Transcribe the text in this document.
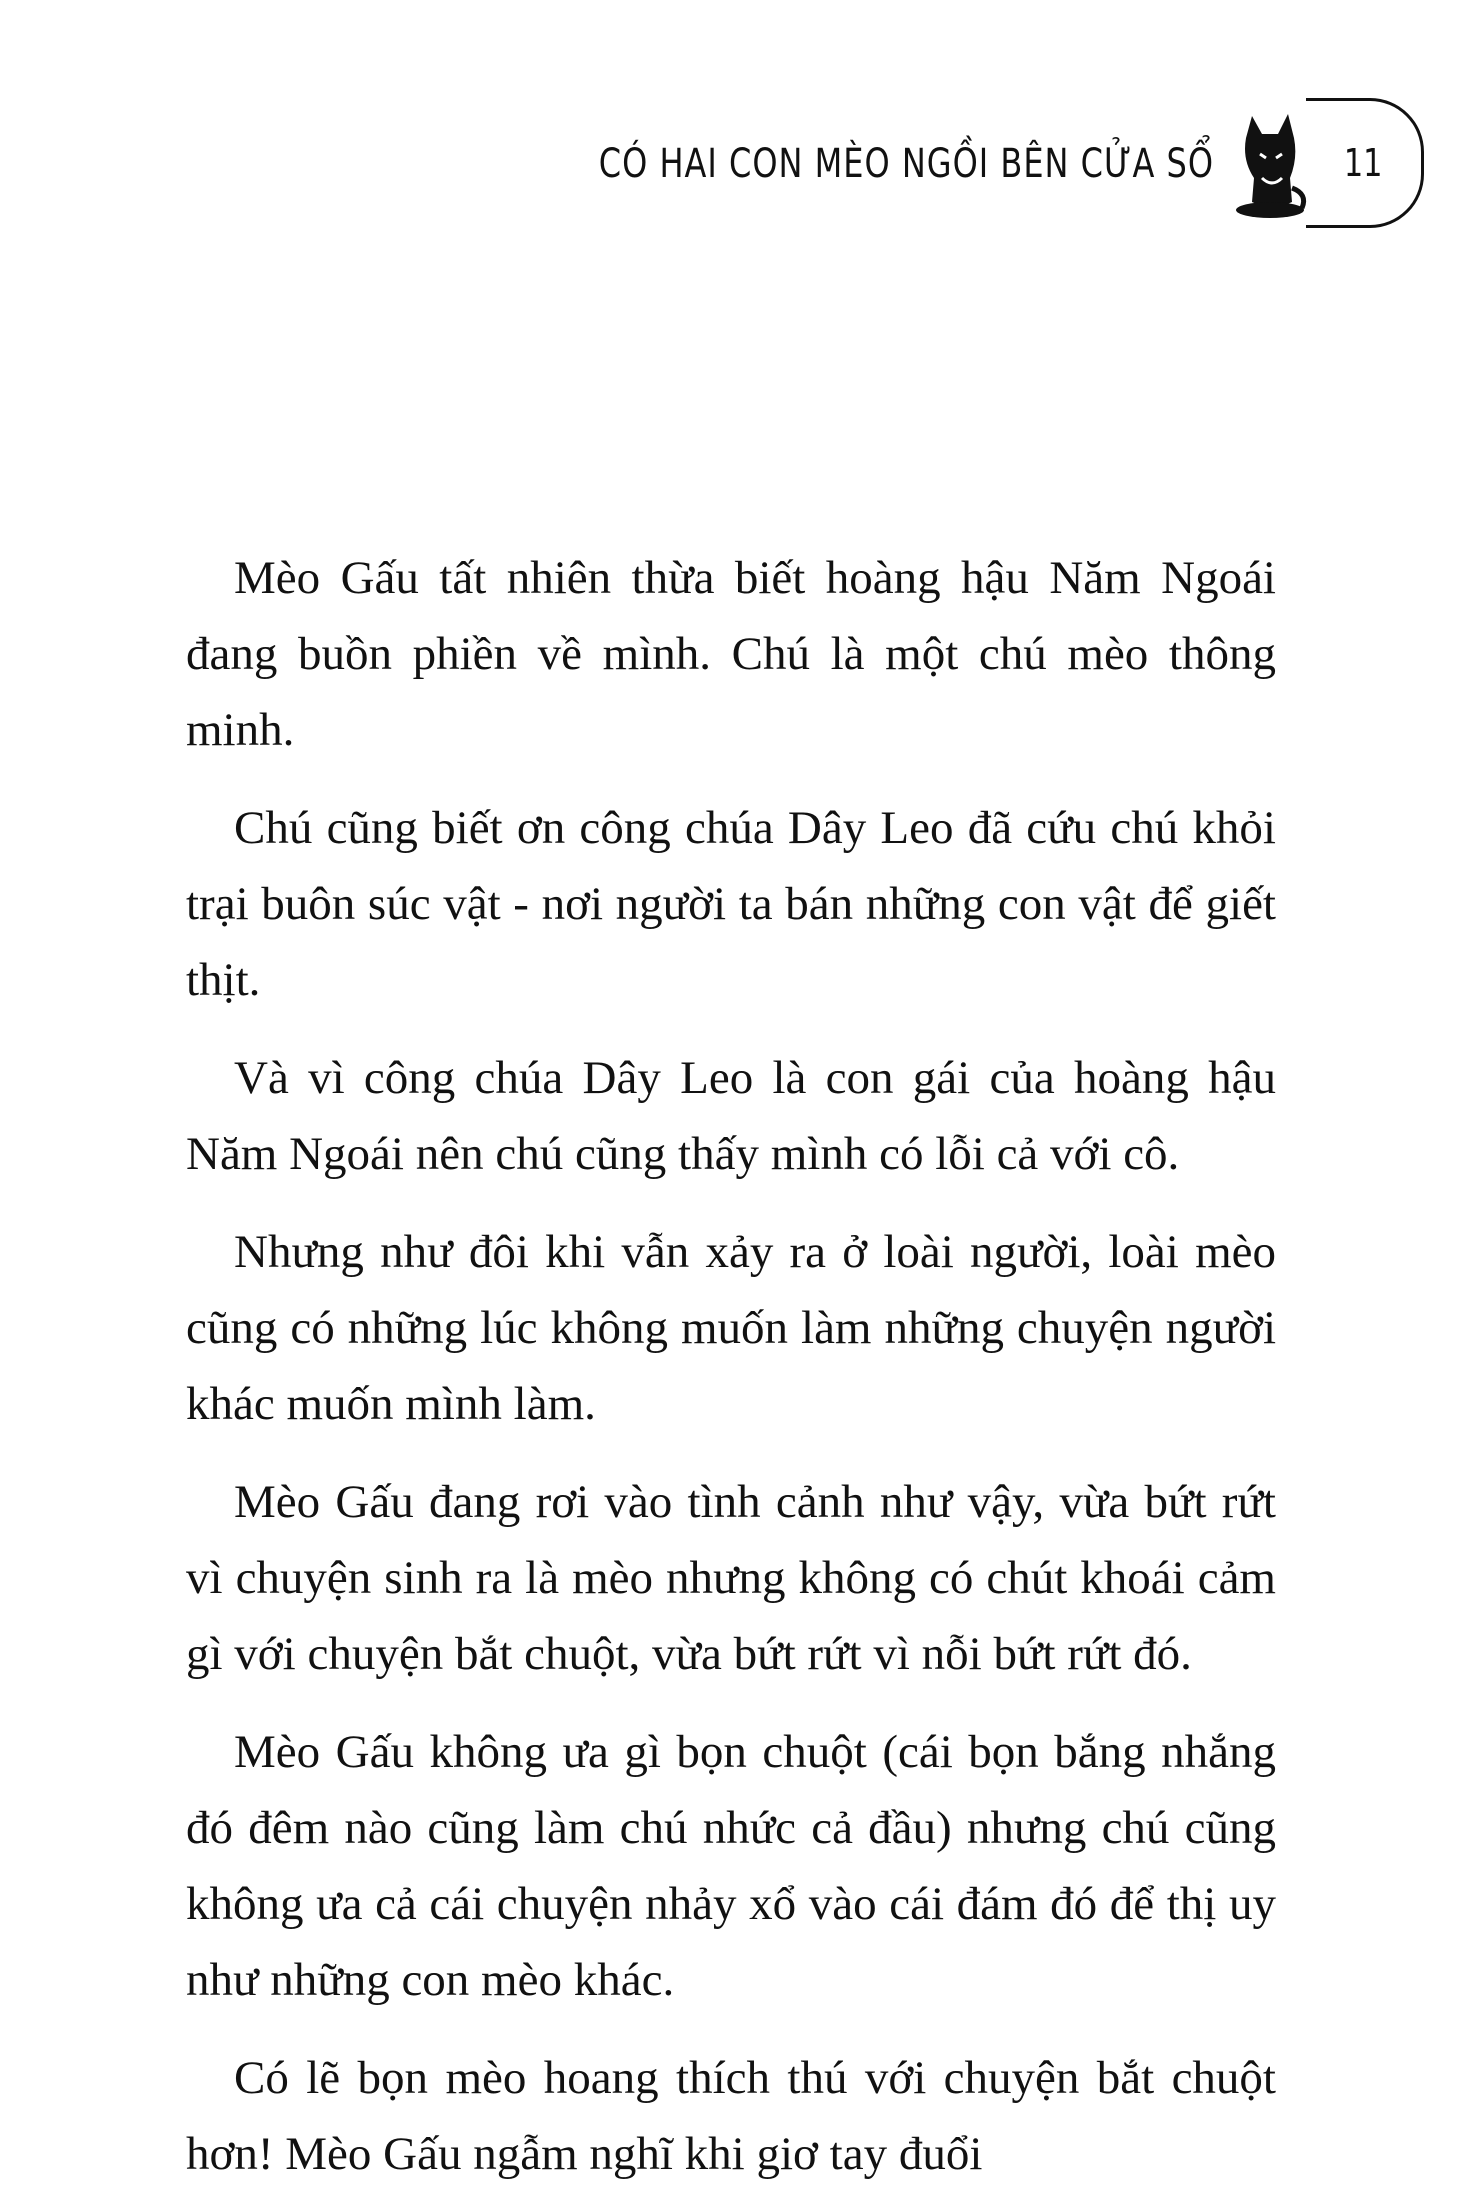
CÓ HAI CON MÈO NGỒI BÊN CỬA SỔ	11

Mèo Gấu tất nhiên thừa biết hoàng hậu Năm Ngoái đang buồn phiền về mình. Chú là một chú mèo thông minh.

Chú cũng biết ơn công chúa Dây Leo đã cứu chú khỏi trại buôn súc vật - nơi người ta bán những con vật để giết thịt.

Và vì công chúa Dây Leo là con gái của hoàng hậu Năm Ngoái nên chú cũng thấy mình có lỗi cả với cô.

Nhưng như đôi khi vẫn xảy ra ở loài người, loài mèo cũng có những lúc không muốn làm những chuyện người khác muốn mình làm.

Mèo Gấu đang rơi vào tình cảnh như vậy, vừa bứt rứt vì chuyện sinh ra là mèo nhưng không có chút khoái cảm gì với chuyện bắt chuột, vừa bứt rứt vì nỗi bứt rứt đó.

Mèo Gấu không ưa gì bọn chuột (cái bọn bắng nhắng đó đêm nào cũng làm chú nhức cả đầu) nhưng chú cũng không ưa cả cái chuyện nhảy xổ vào cái đám đó để thị uy như những con mèo khác.

Có lẽ bọn mèo hoang thích thú với chuyện bắt chuột hơn! Mèo Gấu ngẫm nghĩ khi giơ tay đuổi
